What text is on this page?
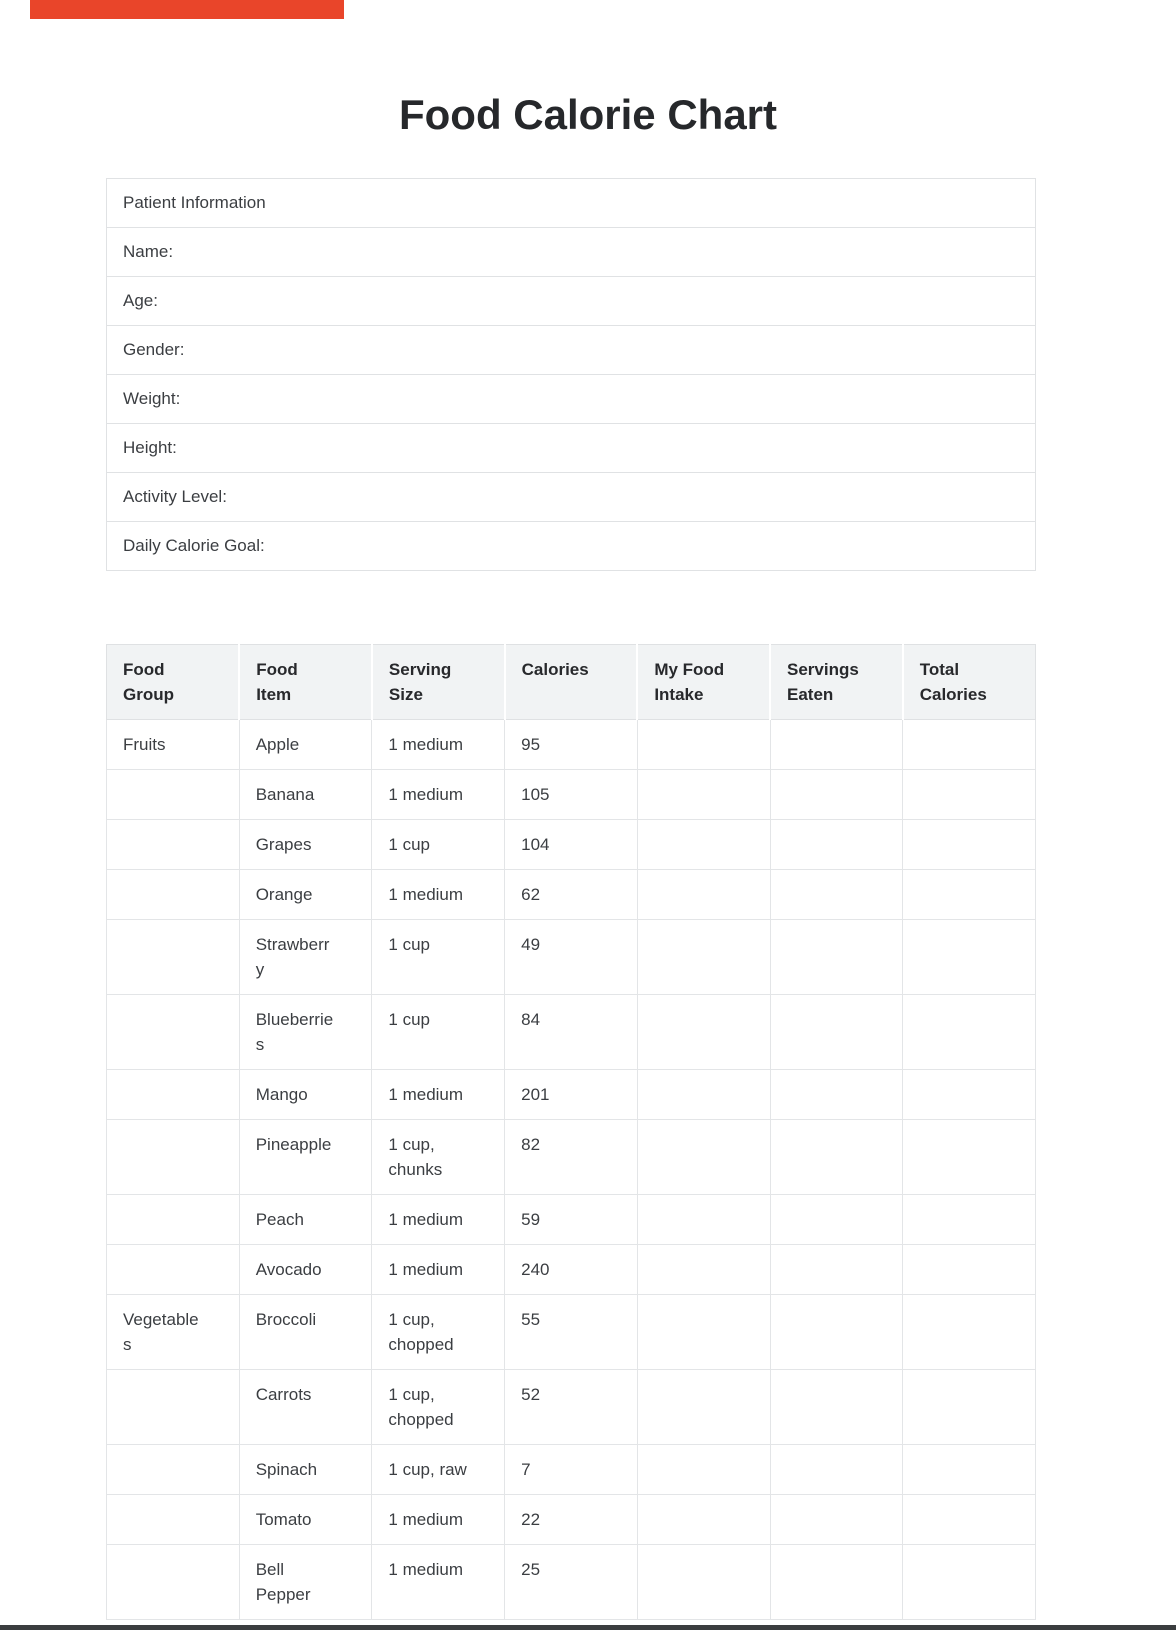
Food Calorie Chart
Patient Information
Name:
Age:
Gender:
Weight:
Height:
Activity Level:
Daily Calorie Goal:
Food Group	Food Item	Serving Size	Calories	My Food Intake	Servings Eaten	Total Calories

Fruits	Apple	1 medium	95			

	Banana	1 medium	105			

	Grapes	1 cup	104			

	Orange	1 medium	62			

	Strawberry	1 cup	49			

	Blueberries	1 cup	84			

	Mango	1 medium	201			

	Pineapple	1 cup, chunks	82			

	Peach	1 medium	59			

	Avocado	1 medium	240			

Vegetables	Broccoli	1 cup, chopped	55			

	Carrots	1 cup, chopped	52			

	Spinach	1 cup, raw	7			

	Tomato	1 medium	22			

	Bell Pepper	1 medium	25			
